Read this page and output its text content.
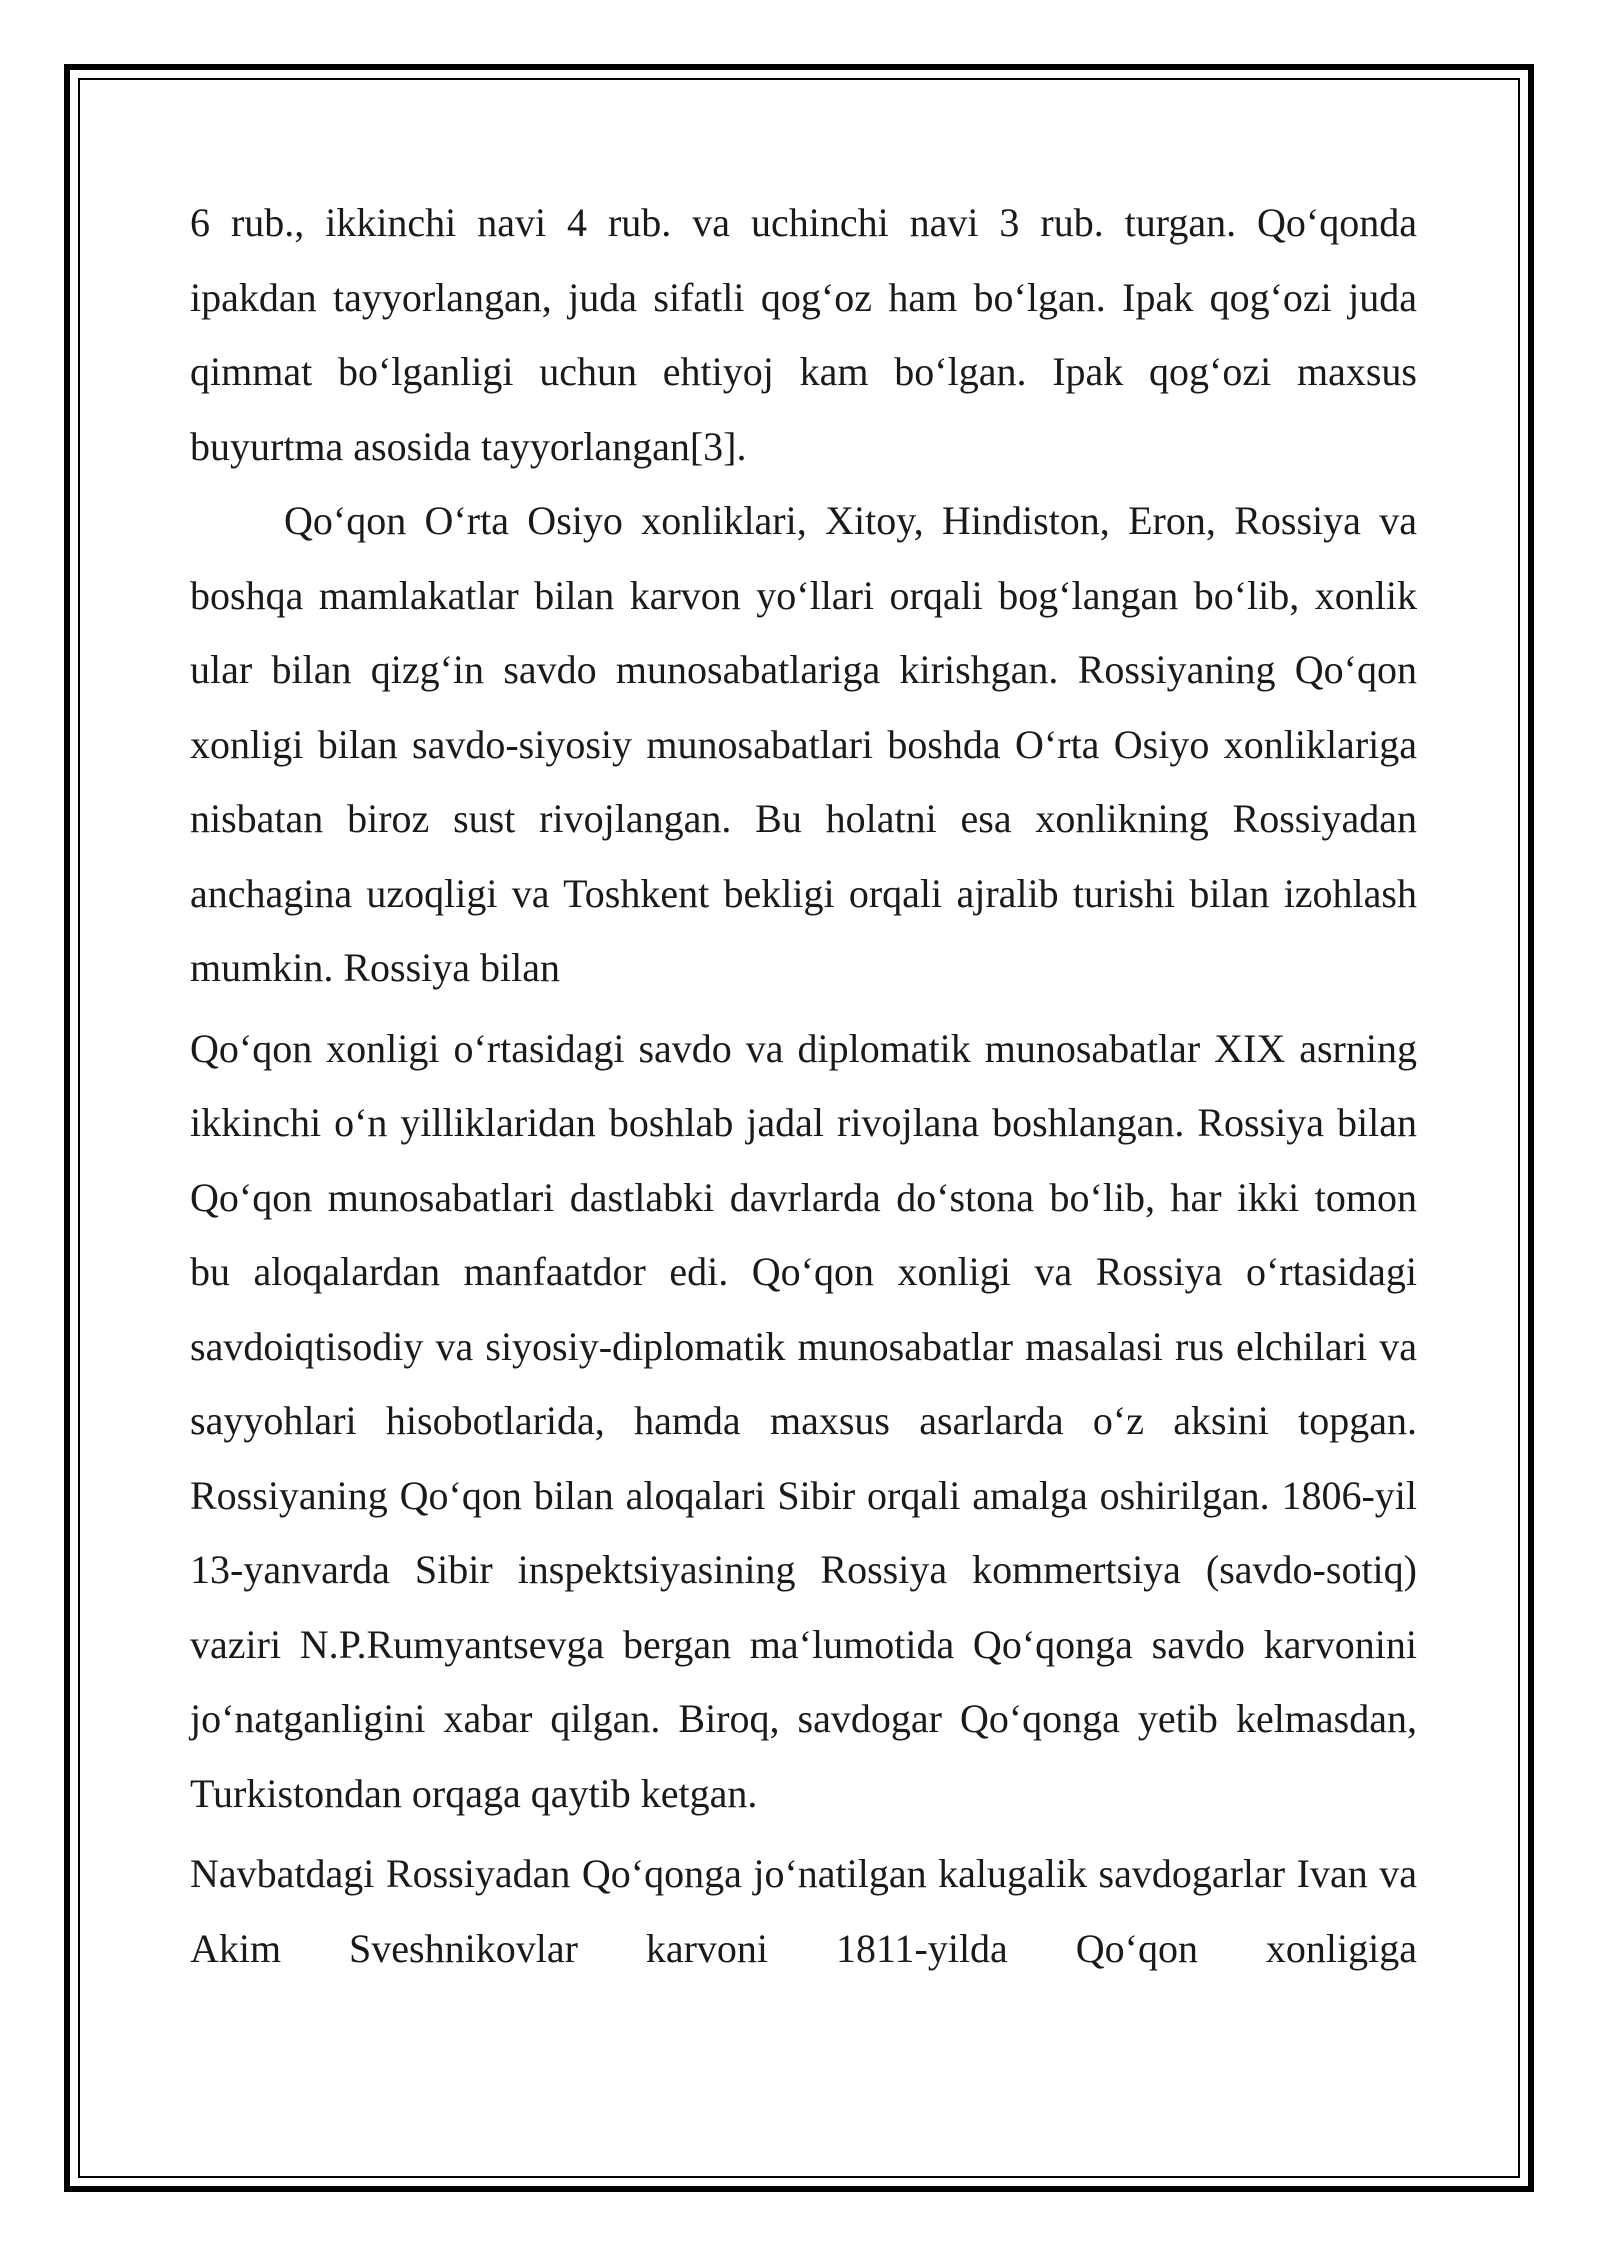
6 rub., ikkinchi navi 4 rub. va uchinchi navi 3 rub. turgan. Qo‘qonda ipakdan tayyorlangan, juda sifatli qog‘oz ham bo‘lgan. Ipak qog‘ozi juda qimmat bo‘lganligi uchun ehtiyoj kam bo‘lgan. Ipak qog‘ozi maxsus buyurtma asosida tayyorlangan[3].

Qo‘qon O‘rta Osiyo xonliklari, Xitoy, Hindiston, Eron, Rossiya va boshqa mamlakatlar bilan karvon yo‘llari orqali bog‘langan bo‘lib, xonlik ular bilan qizg‘in savdo munosabatlariga kirishgan. Rossiyaning Qo‘qon xonligi bilan savdo-siyosiy munosabatlari boshda O‘rta Osiyo xonliklariga nisbatan biroz sust rivojlangan. Bu holatni esa xonlikning Rossiyadan anchagina uzoqligi va Toshkent bekligi orqali ajralib turishi bilan izohlash mumkin. Rossiya bilan

Qo‘qon xonligi o‘rtasidagi savdo va diplomatik munosabatlar XIX asrning ikkinchi o‘n yilliklaridan boshlab jadal rivojlana boshlangan. Rossiya bilan Qo‘qon munosabatlari dastlabki davrlarda do‘stona bo‘lib, har ikki tomon bu aloqalardan manfaatdor edi. Qo‘qon xonligi va Rossiya o‘rtasidagi savdoiqtisodiy va siyosiy-diplomatik munosabatlar masalasi rus elchilari va sayyohlari hisobotlarida, hamda maxsus asarlarda o‘z aksini topgan. Rossiyaning Qo‘qon bilan aloqalari Sibir orqali amalga oshirilgan. 1806-yil 13-yanvarda Sibir inspektsiyasining Rossiya kommertsiya (savdo-sotiq) vaziri N.P.Rumyantsevga bergan ma‘lumotida Qo‘qonga savdo karvonini jo‘natganligini xabar qilgan. Biroq, savdogar Qo‘qonga yetib kelmasdan, Turkistondan orqaga qaytib ketgan.

Navbatdagi Rossiyadan Qo‘qonga jo‘natilgan kalugalik savdogarlar Ivan va Akim Sveshnikovlar karvoni 1811-yilda Qo‘qon xonligiga
